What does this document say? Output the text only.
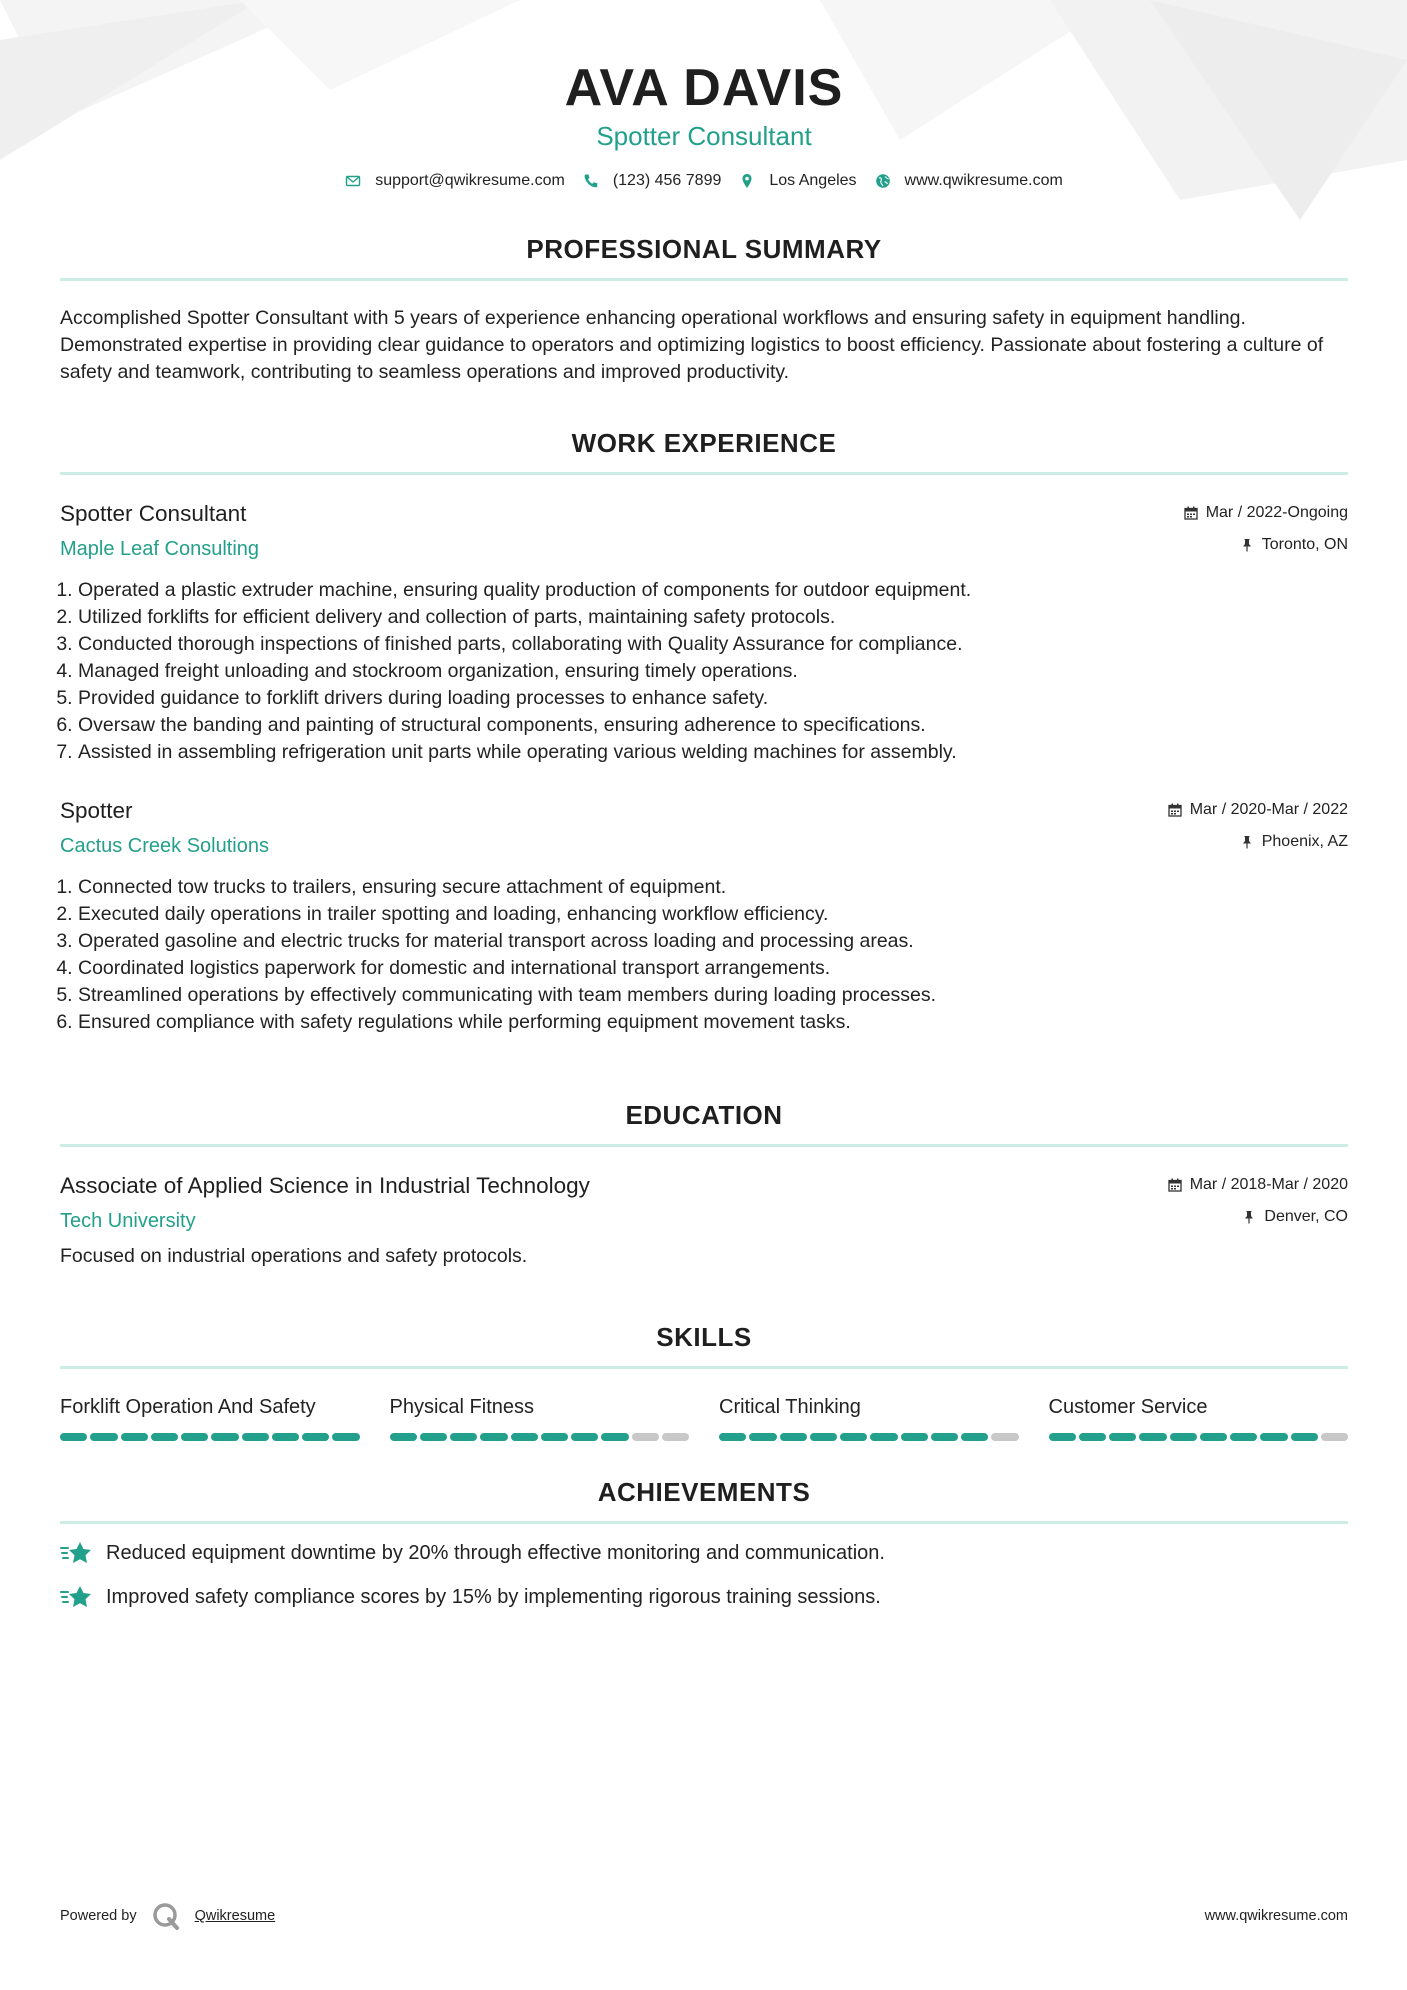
AVA DAVIS
Spotter Consultant
support@qwikresume.com	(123) 456 7899	Los Angeles	www.qwikresume.com
PROFESSIONAL SUMMARY
Accomplished Spotter Consultant with 5 years of experience enhancing operational workflows and ensuring safety in equipment handling. Demonstrated expertise in providing clear guidance to operators and optimizing logistics to boost efficiency. Passionate about fostering a culture of safety and teamwork, contributing to seamless operations and improved productivity.
WORK EXPERIENCE
Spotter Consultant
Maple Leaf Consulting
Mar / 2022-Ongoing
Toronto, ON
1. Operated a plastic extruder machine, ensuring quality production of components for outdoor equipment.
2. Utilized forklifts for efficient delivery and collection of parts, maintaining safety protocols.
3. Conducted thorough inspections of finished parts, collaborating with Quality Assurance for compliance.
4. Managed freight unloading and stockroom organization, ensuring timely operations.
5. Provided guidance to forklift drivers during loading processes to enhance safety.
6. Oversaw the banding and painting of structural components, ensuring adherence to specifications.
7. Assisted in assembling refrigeration unit parts while operating various welding machines for assembly.
Spotter
Cactus Creek Solutions
Mar / 2020-Mar / 2022
Phoenix, AZ
1. Connected tow trucks to trailers, ensuring secure attachment of equipment.
2. Executed daily operations in trailer spotting and loading, enhancing workflow efficiency.
3. Operated gasoline and electric trucks for material transport across loading and processing areas.
4. Coordinated logistics paperwork for domestic and international transport arrangements.
5. Streamlined operations by effectively communicating with team members during loading processes.
6. Ensured compliance with safety regulations while performing equipment movement tasks.
EDUCATION
Associate of Applied Science in Industrial Technology
Tech University
Mar / 2018-Mar / 2020
Denver, CO
Focused on industrial operations and safety protocols.
SKILLS
Forklift Operation And Safety	Physical Fitness	Critical Thinking	Customer Service
ACHIEVEMENTS
Reduced equipment downtime by 20% through effective monitoring and communication.
Improved safety compliance scores by 15% by implementing rigorous training sessions.
Powered by	Qwikresume	www.qwikresume.com
